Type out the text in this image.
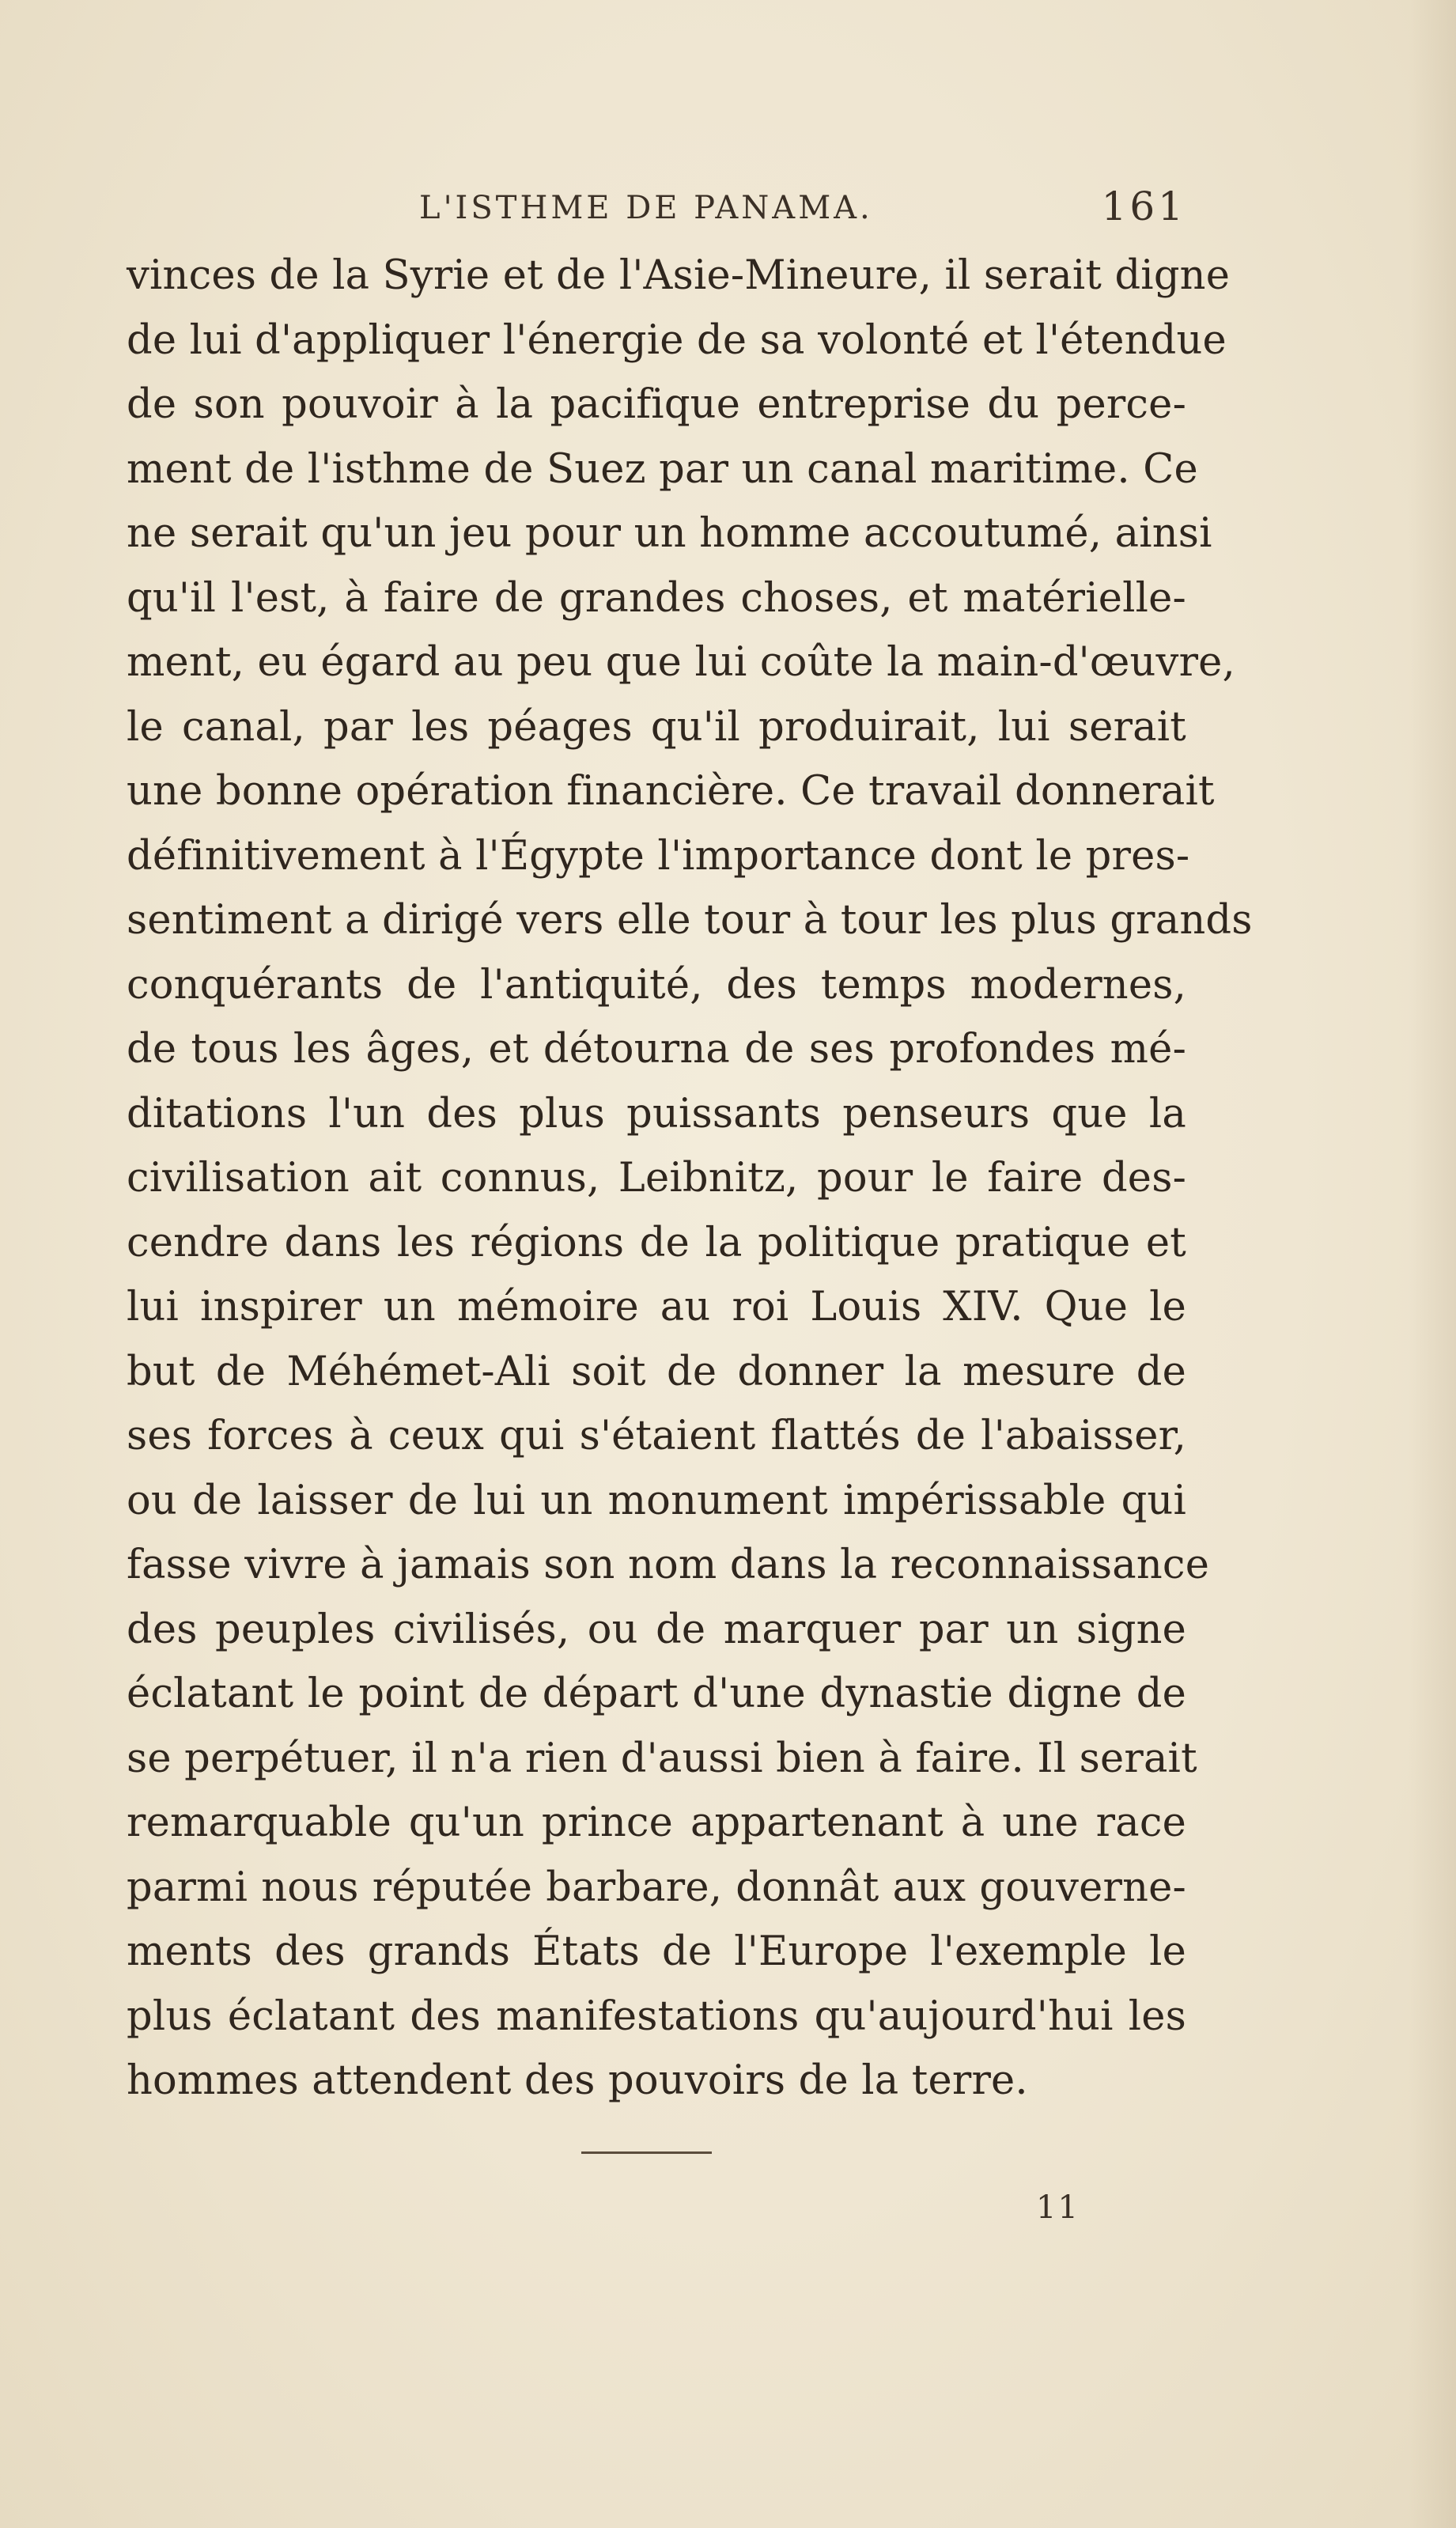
L'ISTHME DE PANAMA.	161
vinces de la Syrie et de l'Asie-Mineure, il serait digne
de lui d'appliquer l'énergie de sa volonté et l'étendue
de son pouvoir à la pacifique entreprise du perce-
ment de l'isthme de Suez par un canal maritime. Ce
ne serait qu'un jeu pour un homme accoutumé, ainsi
qu'il l'est, à faire de grandes choses, et matérielle-
ment, eu égard au peu que lui coûte la main-d'œuvre,
le canal, par les péages qu'il produirait, lui serait
une bonne opération financière. Ce travail donnerait
définitivement à l'Égypte l'importance dont le pres-
sentiment a dirigé vers elle tour à tour les plus grands
conquérants de l'antiquité, des temps modernes,
de tous les âges, et détourna de ses profondes mé-
ditations l'un des plus puissants penseurs que la
civilisation ait connus, Leibnitz, pour le faire des-
cendre dans les régions de la politique pratique et
lui inspirer un mémoire au roi Louis XIV. Que le
but de Méhémet-Ali soit de donner la mesure de
ses forces à ceux qui s'étaient flattés de l'abaisser,
ou de laisser de lui un monument impérissable qui
fasse vivre à jamais son nom dans la reconnaissance
des peuples civilisés, ou de marquer par un signe
éclatant le point de départ d'une dynastie digne de
se perpétuer, il n'a rien d'aussi bien à faire. Il serait
remarquable qu'un prince appartenant à une race
parmi nous réputée barbare, donnât aux gouverne-
ments des grands États de l'Europe l'exemple le
plus éclatant des manifestations qu'aujourd'hui les
hommes attendent des pouvoirs de la terre.
11
